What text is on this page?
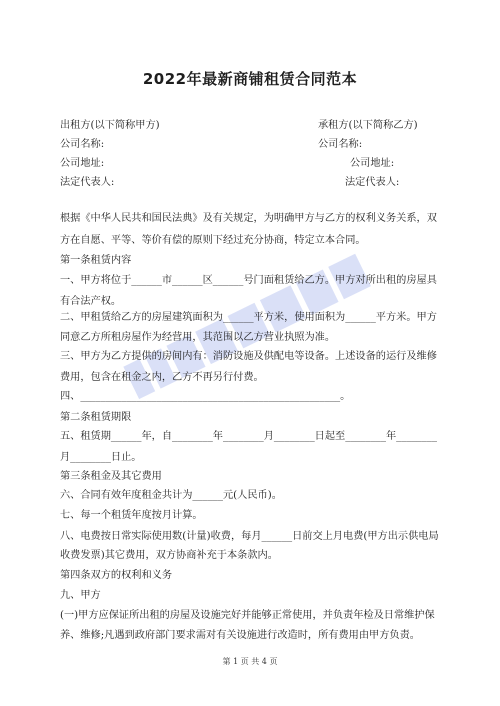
2022年最新商铺租赁合同范本
出租方(以下简称甲方)	承租方(以下简称乙方)
公司名称:	公司名称:
公司地址:	公司地址:
法定代表人:	法定代表人:
根据《中华人民共和国民法典》及有关规定，为明确甲方与乙方的权利义务关系，双
方在自愿、平等、等价有偿的原则下经过充分协商，特定立本合同。
第一条租赁内容
一、甲方将位于______市______区______号门面租赁给乙方。甲方对所出租的房屋具
有合法产权。
二、甲租赁给乙方的房屋建筑面积为______平方米，使用面积为______平方米。甲方
同意乙方所租房屋作为经营用，其范围以乙方营业执照为准。
三、甲方为乙方提供的房间内有：消防设施及供配电等设备。上述设备的运行及维修
费用，包含在租金之内，乙方不再另行付费。
四、___________________________________________________。
第二条租赁期限
五、租赁期______年，自________年________月________日起至________年________
月________日止。
第三条租金及其它费用
六、合同有效年度租金共计为______元(人民币)。
七、每一个租赁年度按月计算。
八、电费按日常实际使用数(计量)收费，每月______日前交上月电费(甲方出示供电局
收费发票)其它费用，双方协商补充于本条款内。
第四条双方的权利和义务
九、甲方
(一)甲方应保证所出租的房屋及设施完好并能够正常使用，并负责年检及日常维护保
养、维修;凡遇到政府部门要求需对有关设施进行改造时，所有费用由甲方负责。
第 1 页 共 4 页
